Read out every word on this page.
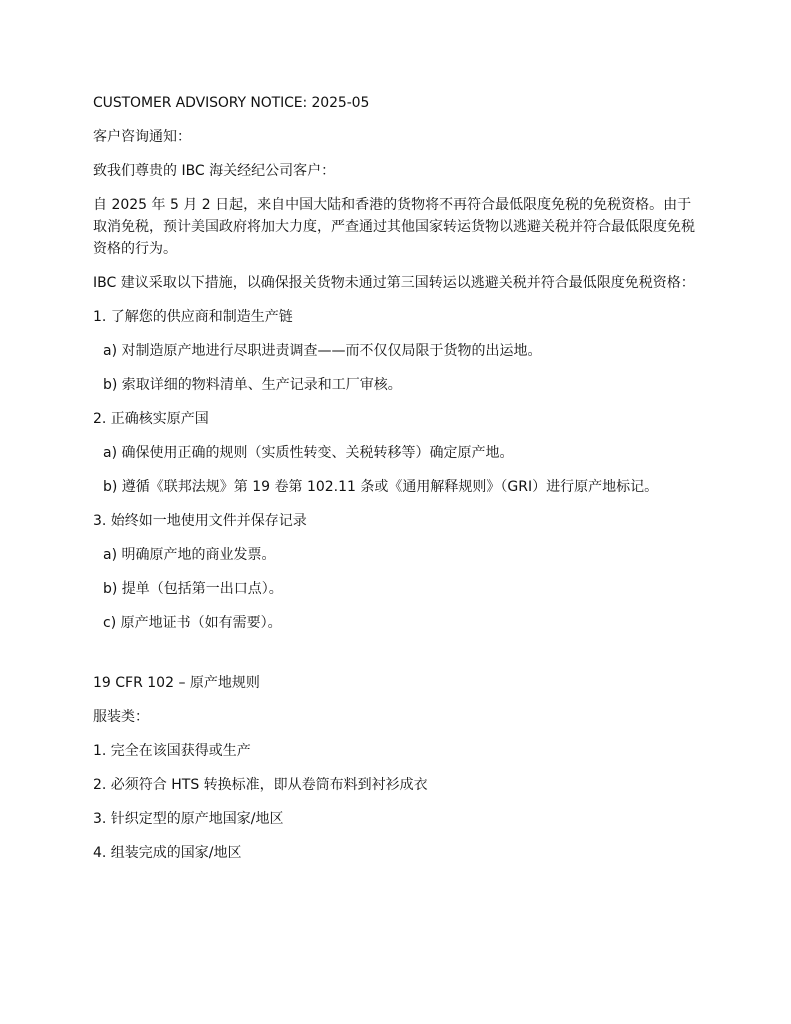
CUSTOMER ADVISORY NOTICE: 2025-05

客户咨询通知：

致我们尊贵的 IBC 海关经纪公司客户：

自 2025 年 5 月 2 日起，来自中国大陆和香港的货物将不再符合最低限度免税的免税资格。由于取消免税，预计美国政府将加大力度，严查通过其他国家转运货物以逃避关税并符合最低限度免税资格的行为。

IBC 建议采取以下措施，以确保报关货物未通过第三国转运以逃避关税并符合最低限度免税资格：

1. 了解您的供应商和制造生产链

a) 对制造原产地进行尽职进责调查——而不仅仅局限于货物的出运地。

b) 索取详细的物料清单、生产记录和工厂审核。

2. 正确核实原产国

a) 确保使用正确的规则（实质性转变、关税转移等）确定原产地。

b) 遵循《联邦法规》第 19 卷第 102.11 条或《通用解释规则》（GRI）进行原产地标记。

3. 始终如一地使用文件并保存记录

a) 明确原产地的商业发票。

b) 提单（包括第一出口点）。

c) 原产地证书（如有需要）。

19 CFR 102 – 原产地规则

服装类：

1. 完全在该国获得或生产

2. 必须符合 HTS 转换标准，即从卷筒布料到衬衫成衣

3. 针织定型的原产地国家/地区

4. 组装完成的国家/地区
